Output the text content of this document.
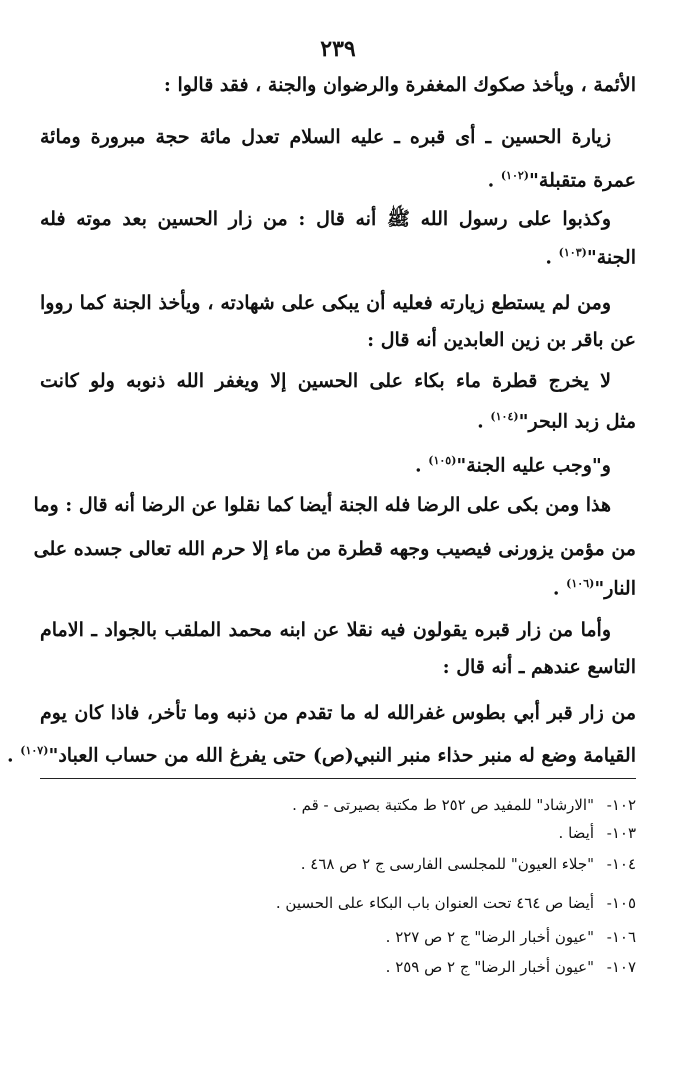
٢٣٩
الأئمة ، ويأخذ صكوك المغفرة والرضوان والجنة ، فقد قالوا :
زيارة الحسين ـ أى قبره ـ عليه السلام تعدل مائة حجة مبرورة ومائة
عمرة متقبلة"$^{(١٠٢)}$ .
وكذبوا على رسول الله ﷺ أنه قال : من زار الحسين بعد موته فله
الجنة"$^{(١٠٣)}$ .
ومن لم يستطع زيارته فعليه أن يبكى على شهادته ، ويأخذ الجنة كما رووا
عن باقر بن زين العابدين أنه قال :
لا يخرج قطرة ماء بكاء على الحسين إلا ويغفر الله ذنوبه ولو كانت
مثل زبد البحر"$^{(١٠٤)}$ .
و"وجب عليه الجنة"$^{(١٠٥)}$ .
هذا ومن بكى على الرضا فله الجنة أيضا كما نقلوا عن الرضا أنه قال : وما
من مؤمن يزورنى فيصيب وجهه قطرة من ماء إلا حرم الله تعالى جسده على
النار"$^{(١٠٦)}$ .
وأما من زار قبره يقولون فيه نقلا عن ابنه محمد الملقب بالجواد ـ الامام
التاسع عندهم ـ أنه قال :
من زار قبر أبي بطوس غفرالله له ما تقدم من ذنبه وما تأخر، فاذا كان يوم
القيامة وضع له منبر حذاء منبر النبي(ص) حتى يفرغ الله من حساب العباد"$^{(١٠٧)}$ .
١٠٢-"الارشاد" للمفيد ص ٢٥٢ ط مكتبة بصيرتى - قم .
١٠٣-أيضا .
١٠٤-"جلاء العيون" للمجلسى الفارسى ج ٢ ص ٤٦٨ .
١٠٥-أيضا ص ٤٦٤ تحت العنوان باب البكاء على الحسين .
١٠٦-"عيون أخبار الرضا" ج ٢ ص ٢٢٧ .
١٠٧-"عيون أخبار الرضا" ج ٢ ص ٢٥٩ .
